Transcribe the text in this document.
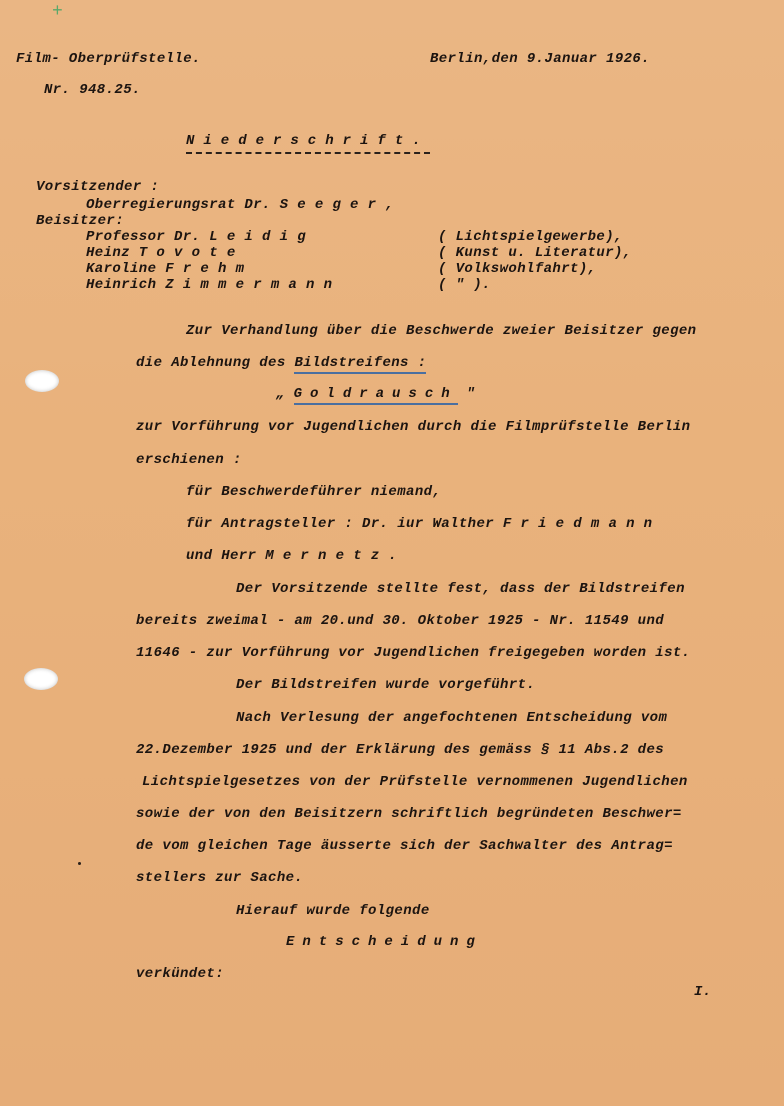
+
Film- Oberprüfstelle.	Berlin,den 9.Januar 1926.
Nr. 948.25.
Niederschrift.
Vorsitzender :
Oberregierungsrat Dr. S e e g e r ,
Beisitzer:
Professor Dr. L e i d i g	( Lichtspielgewerbe),
Heinz T o v o t e	( Kunst u. Literatur),
Karoline F r e h m	( Volkswohlfahrt),
Heinrich Z i m m e r m a n n	( " ).
Zur Verhandlung über die Beschwerde zweier Beisitzer gegen
die Ablehnung des Bildstreifens :
„ Goldrausch "
zur Vorführung vor Jugendlichen durch die Filmprüfstelle Berlin
erschienen :
für Beschwerdeführer niemand,
für Antragsteller : Dr. iur Walther F r i e d m a n n
und Herr M e r n e t z .
Der Vorsitzende stellte fest, dass der Bildstreifen
bereits zweimal - am 20.und 30. Oktober 1925 - Nr. 11549 und
11646 - zur Vorführung vor Jugendlichen freigegeben worden ist.
Der Bildstreifen wurde vorgeführt.
Nach Verlesung der angefochtenen Entscheidung vom
22.Dezember 1925 und der Erklärung des gemäss § 11 Abs.2 des
Lichtspielgesetzes von der Prüfstelle vernommenen Jugendlichen
sowie der von den Beisitzern schriftlich begründeten Beschwer=
de vom gleichen Tage äusserte sich der Sachwalter des Antrag=
stellers zur Sache.
Hierauf wurde folgende
Entscheidung
verkündet:
I.
